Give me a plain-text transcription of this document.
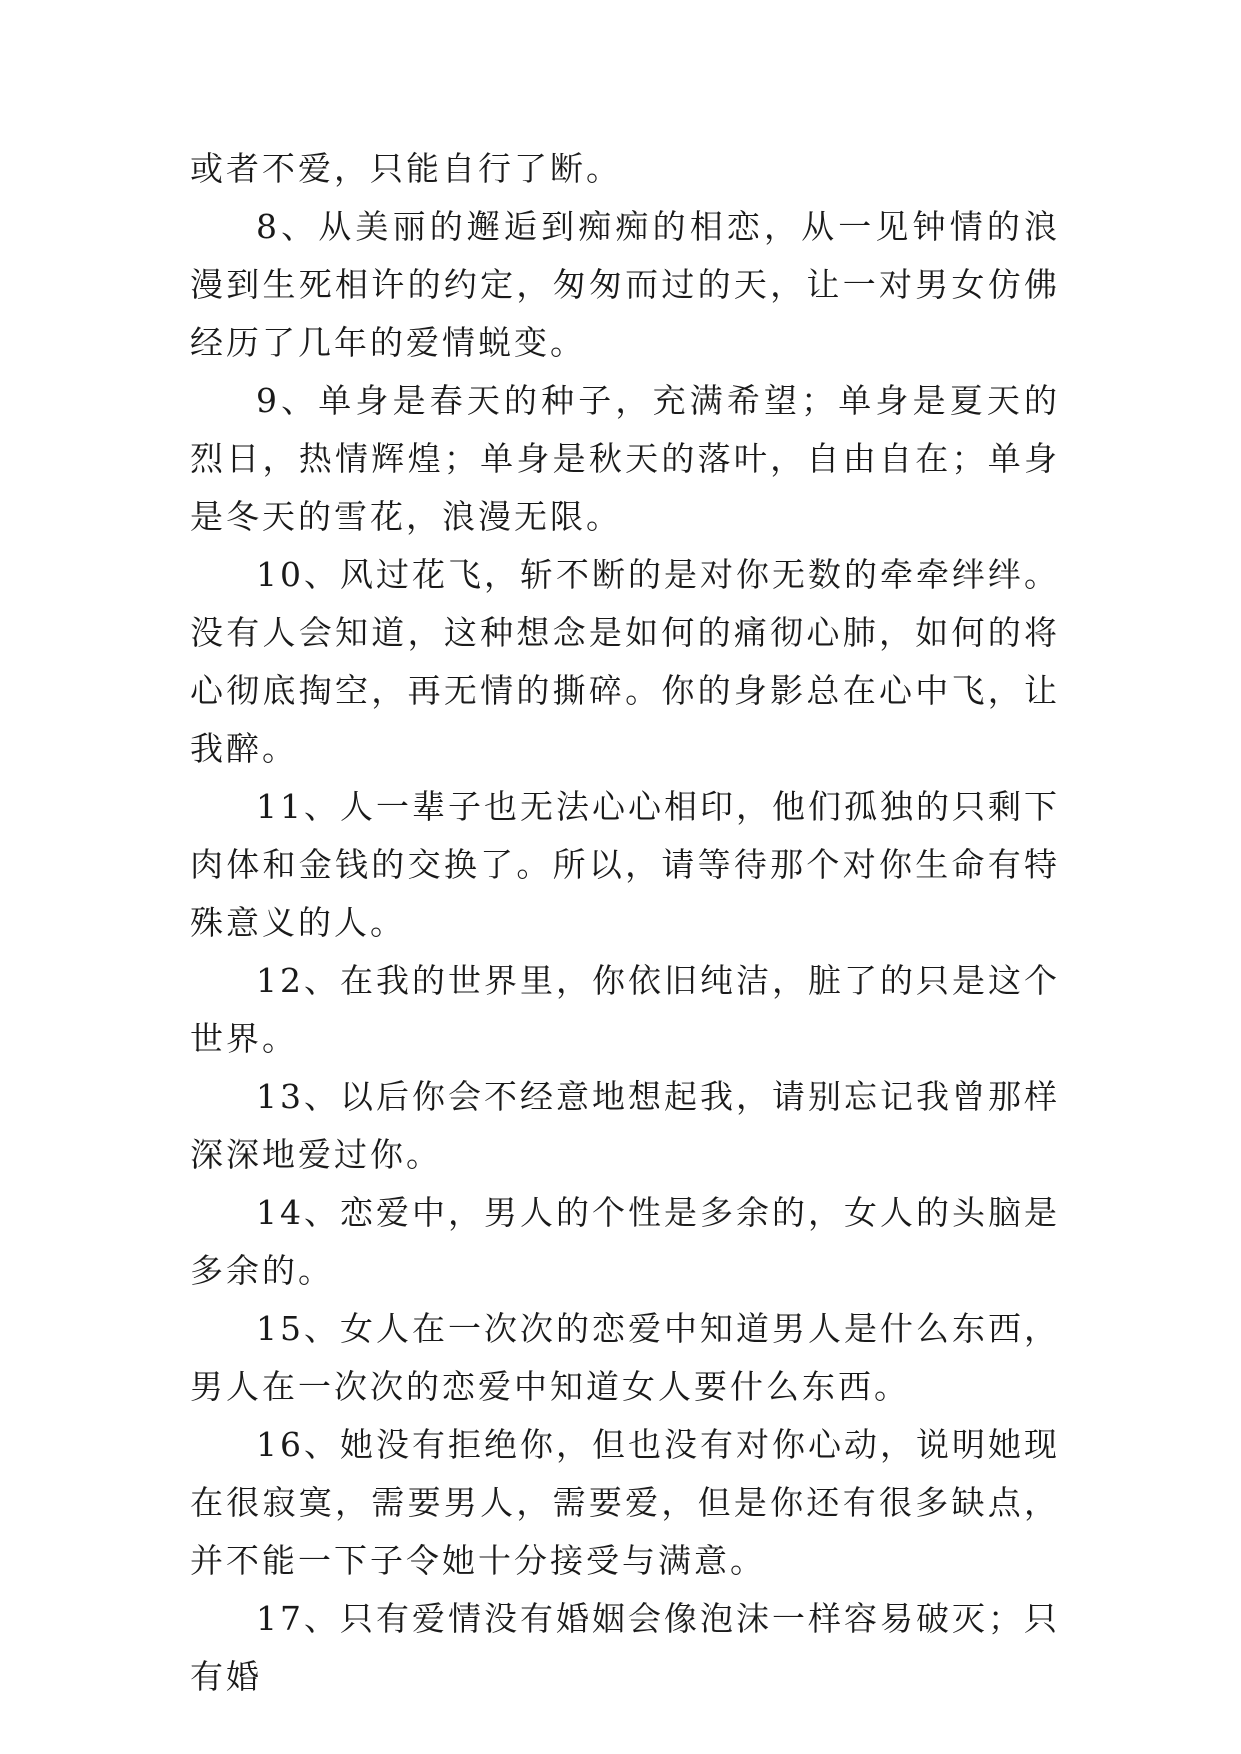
或者不爱，只能自行了断。

8、从美丽的邂逅到痴痴的相恋，从一见钟情的浪漫到生死相许的约定，匆匆而过的天，让一对男女仿佛经历了几年的爱情蜕变。

9、单身是春天的种子，充满希望；单身是夏天的烈日，热情辉煌；单身是秋天的落叶，自由自在；单身是冬天的雪花，浪漫无限。

10、风过花飞，斩不断的是对你无数的牵牵绊绊。没有人会知道，这种想念是如何的痛彻心肺，如何的将心彻底掏空，再无情的撕碎。你的身影总在心中飞，让我醉。

11、人一辈子也无法心心相印，他们孤独的只剩下肉体和金钱的交换了。所以，请等待那个对你生命有特殊意义的人。

12、在我的世界里，你依旧纯洁，脏了的只是这个世界。

13、以后你会不经意地想起我，请别忘记我曾那样深深地爱过你。

14、恋爱中，男人的个性是多余的，女人的头脑是多余的。

15、女人在一次次的恋爱中知道男人是什么东西，男人在一次次的恋爱中知道女人要什么东西。

16、她没有拒绝你，但也没有对你心动，说明她现在很寂寞，需要男人，需要爱，但是你还有很多缺点，并不能一下子令她十分接受与满意。

17、只有爱情没有婚姻会像泡沫一样容易破灭；只有婚
